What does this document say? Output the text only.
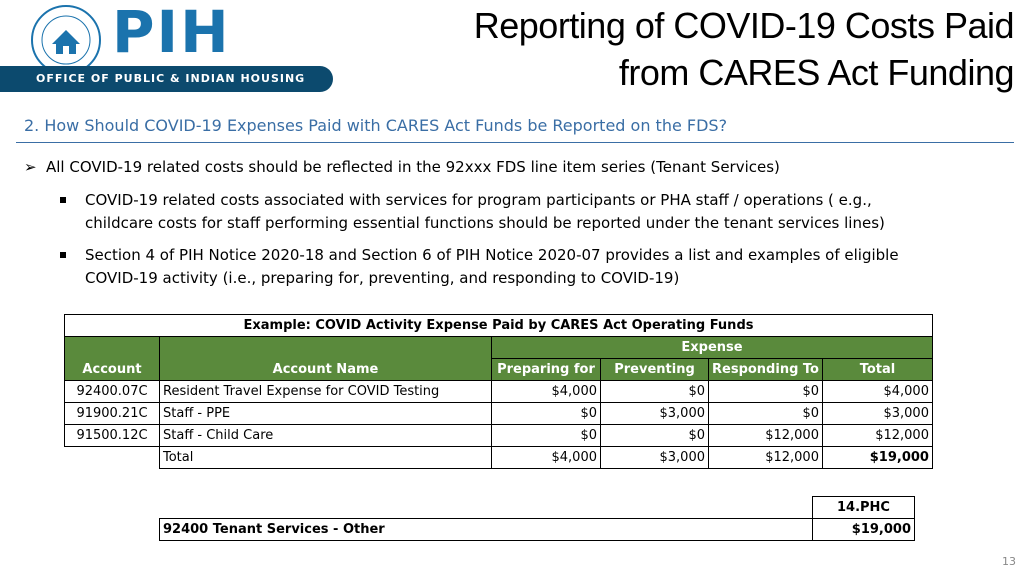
PIH
OFFICE OF PUBLIC & INDIAN HOUSING
Reporting of COVID-19 Costs Paid
from CARES Act Funding
2. How Should COVID-19 Expenses Paid with CARES Act Funds be Reported on the FDS?
➢ All COVID-19 related costs should be reflected in the 92xxx FDS line item series (Tenant Services)
COVID-19 related costs associated with services for program participants or PHA staff / operations ( e.g.,
childcare costs for staff performing essential functions should be reported under the tenant services lines)
Section 4 of PIH Notice 2020-18 and Section 6 of PIH Notice 2020-07 provides a list and examples of eligible
COVID-19 activity (i.e., preparing for, preventing, and responding to COVID-19)
Example: COVID Activity Expense Paid by CARES Act Operating Funds					
		Expense			
Account	Account Name	Preparing for	Preventing	Responding To	Total
92400.07C	Resident Travel Expense for COVID Testing	$4,000	$0	$0	$4,000
91900.21C	Staff - PPE	$0	$3,000	$0	$3,000
91500.12C	Staff - Child Care	$0	$0	$12,000	$12,000
	Total	$4,000	$3,000	$12,000	$19,000
	14.PHC
92400 Tenant Services - Other	$19,000
13
